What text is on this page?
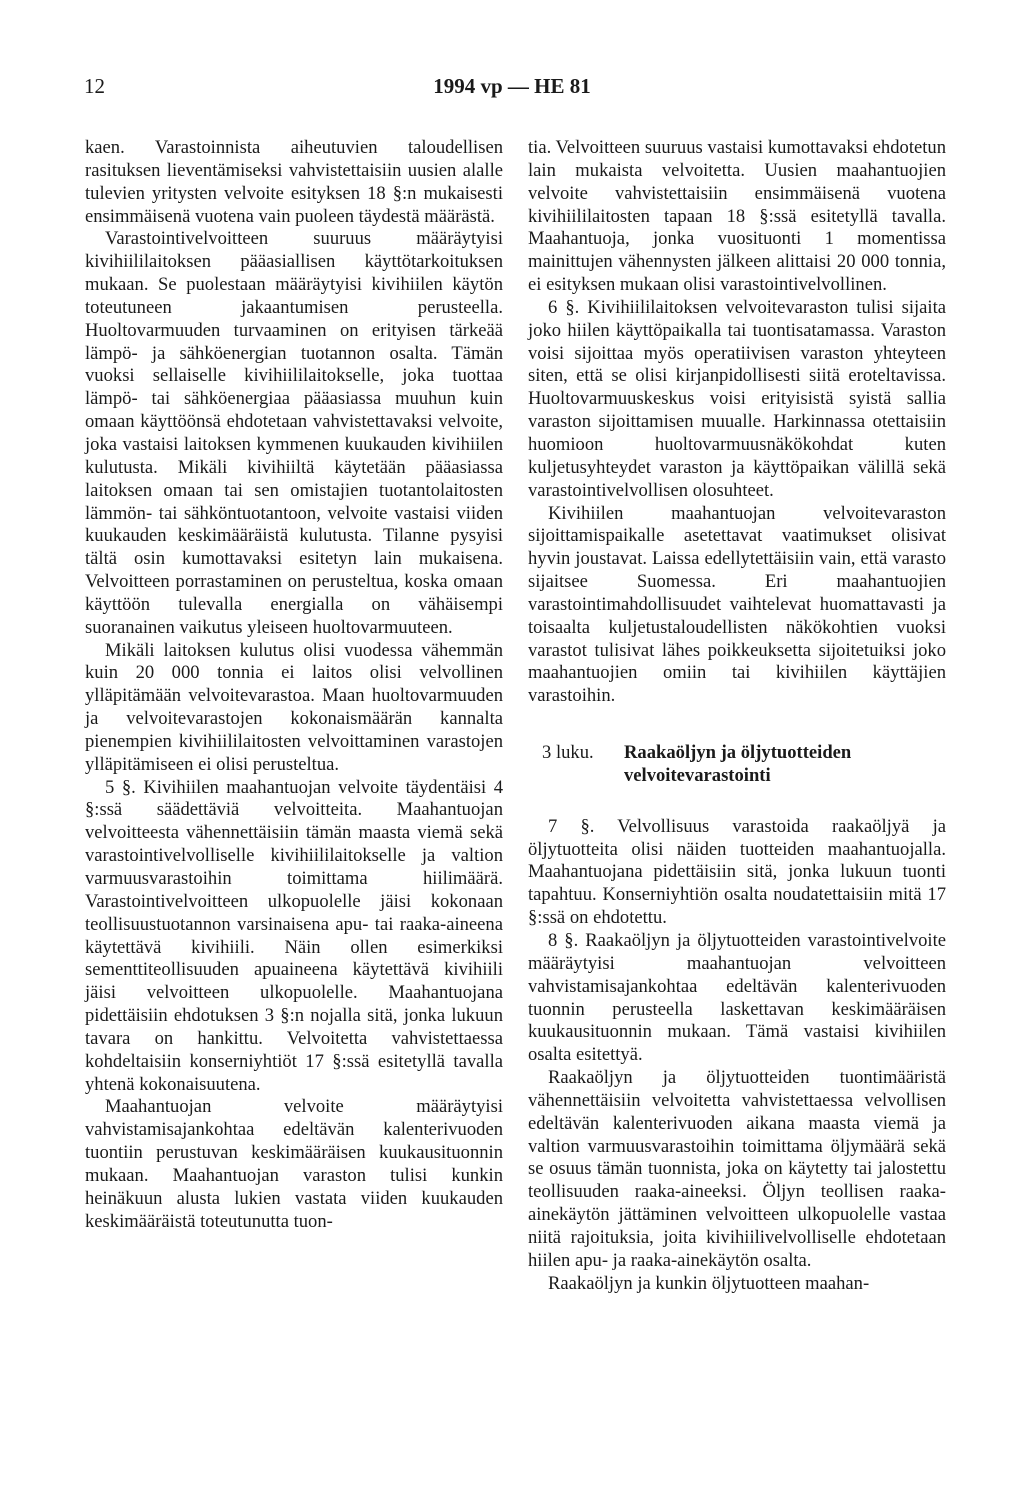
12	1994 vp — HE 81

kaen. Varastoinnista aiheutuvien taloudellisen rasituksen lieventämiseksi vahvistettaisiin uusien alalle tulevien yritysten velvoite esityksen 18 §:n mukaisesti ensimmäisenä vuotena vain puoleen täydestä määrästä.

Varastointivelvoitteen suuruus määräytyisi kivihiililaitoksen pääasiallisen käyttötarkoituksen mukaan. Se puolestaan määräytyisi kivihiilen käytön toteutuneen jakaantumisen perusteella. Huoltovarmuuden turvaaminen on erityisen tärkeää lämpö- ja sähköenergian tuotannon osalta. Tämän vuoksi sellaiselle kivihiililaitokselle, joka tuottaa lämpö- tai sähköenergiaa pääasiassa muuhun kuin omaan käyttöönsä ehdotetaan vahvistettavaksi velvoite, joka vastaisi laitoksen kymmenen kuukauden kivihiilen kulutusta. Mikäli kivihiiltä käytetään pääasiassa laitoksen omaan tai sen omistajien tuotantolaitosten lämmön- tai sähköntuotantoon, velvoite vastaisi viiden kuukauden keskimääräistä kulutusta. Tilanne pysyisi tältä osin kumottavaksi esitetyn lain mukaisena. Velvoitteen porrastaminen on perusteltua, koska omaan käyttöön tulevalla energialla on vähäisempi suoranainen vaikutus yleiseen huoltovarmuuteen.

Mikäli laitoksen kulutus olisi vuodessa vähemmän kuin 20 000 tonnia ei laitos olisi velvollinen ylläpitämään velvoitevarastoa. Maan huoltovarmuuden ja velvoitevarastojen kokonaismäärän kannalta pienempien kivihiililaitosten velvoittaminen varastojen ylläpitämiseen ei olisi perusteltua.

5 §. Kivihiilen maahantuojan velvoite täydentäisi 4 §:ssä säädettäviä velvoitteita. Maahantuojan velvoitteesta vähennettäisiin tämän maasta viemä sekä varastointivelvolliselle kivihiililaitokselle ja valtion varmuusvarastoihin toimittama hiilimäärä. Varastointivelvoitteen ulkopuolelle jäisi kokonaan teollisuustuotannon varsinaisena apu- tai raaka-aineena käytettävä kivihiili. Näin ollen esimerkiksi sementtiteollisuuden apuaineena käytettävä kivihiili jäisi velvoitteen ulkopuolelle. Maahantuojana pidettäisiin ehdotuksen 3 §:n nojalla sitä, jonka lukuun tavara on hankittu. Velvoitetta vahvistettaessa kohdeltaisiin konserniyhtiöt 17 §:ssä esitetyllä tavalla yhtenä kokonaisuutena.

Maahantuojan velvoite määräytyisi vahvistamisajankohtaa edeltävän kalenterivuoden tuontiin perustuvan keskimääräisen kuukausituonnin mukaan. Maahantuojan varaston tulisi kunkin heinäkuun alusta lukien vastata viiden kuukauden keskimääräistä toteutunutta tuon-

tia. Velvoitteen suuruus vastaisi kumottavaksi ehdotetun lain mukaista velvoitetta. Uusien maahantuojien velvoite vahvistettaisiin ensimmäisenä vuotena kivihiililaitosten tapaan 18 §:ssä esitetyllä tavalla. Maahantuoja, jonka vuosituonti 1 momentissa mainittujen vähennysten jälkeen alittaisi 20 000 tonnia, ei esityksen mukaan olisi varastointivelvollinen.

6 §. Kivihiililaitoksen velvoitevaraston tulisi sijaita joko hiilen käyttöpaikalla tai tuontisatamassa. Varaston voisi sijoittaa myös operatiivisen varaston yhteyteen siten, että se olisi kirjanpidollisesti siitä eroteltavissa. Huoltovarmuuskeskus voisi erityisistä syistä sallia varaston sijoittamisen muualle. Harkinnassa otettaisiin huomioon huoltovarmuusnäkökohdat kuten kuljetusyhteydet varaston ja käyttöpaikan välillä sekä varastointivelvollisen olosuhteet.

Kivihiilen maahantuojan velvoitevaraston sijoittamispaikalle asetettavat vaatimukset olisivat hyvin joustavat. Laissa edellytettäisiin vain, että varasto sijaitsee Suomessa. Eri maahantuojien varastointimahdollisuudet vaihtelevat huomattavasti ja toisaalta kuljetustaloudellisten näkökohtien vuoksi varastot tulisivat lähes poikkeuksetta sijoitetuiksi joko maahantuojien omiin tai kivihiilen käyttäjien varastoihin.

3 luku.	Raakaöljyn ja öljytuotteiden velvoitevarastointi

7 §. Velvollisuus varastoida raakaöljyä ja öljytuotteita olisi näiden tuotteiden maahantuojalla. Maahantuojana pidettäisiin sitä, jonka lukuun tuonti tapahtuu. Konserniyhtiön osalta noudatettaisiin mitä 17 §:ssä on ehdotettu.

8 §. Raakaöljyn ja öljytuotteiden varastointivelvoite määräytyisi maahantuojan velvoitteen vahvistamisajankohtaa edeltävän kalenterivuoden tuonnin perusteella laskettavan keskimääräisen kuukausituonnin mukaan. Tämä vastaisi kivihiilen osalta esitettyä.

Raakaöljyn ja öljytuotteiden tuontimääristä vähennettäisiin velvoitetta vahvistettaessa velvollisen edeltävän kalenterivuoden aikana maasta viemä ja valtion varmuusvarastoihin toimittama öljymäärä sekä se osuus tämän tuonnista, joka on käytetty tai jalostettu teollisuuden raaka-aineeksi. Öljyn teollisen raaka-ainekäytön jättäminen velvoitteen ulkopuolelle vastaa niitä rajoituksia, joita kivihiilivelvolliselle ehdotetaan hiilen apu- ja raaka-ainekäytön osalta.

Raakaöljyn ja kunkin öljytuotteen maahan-
